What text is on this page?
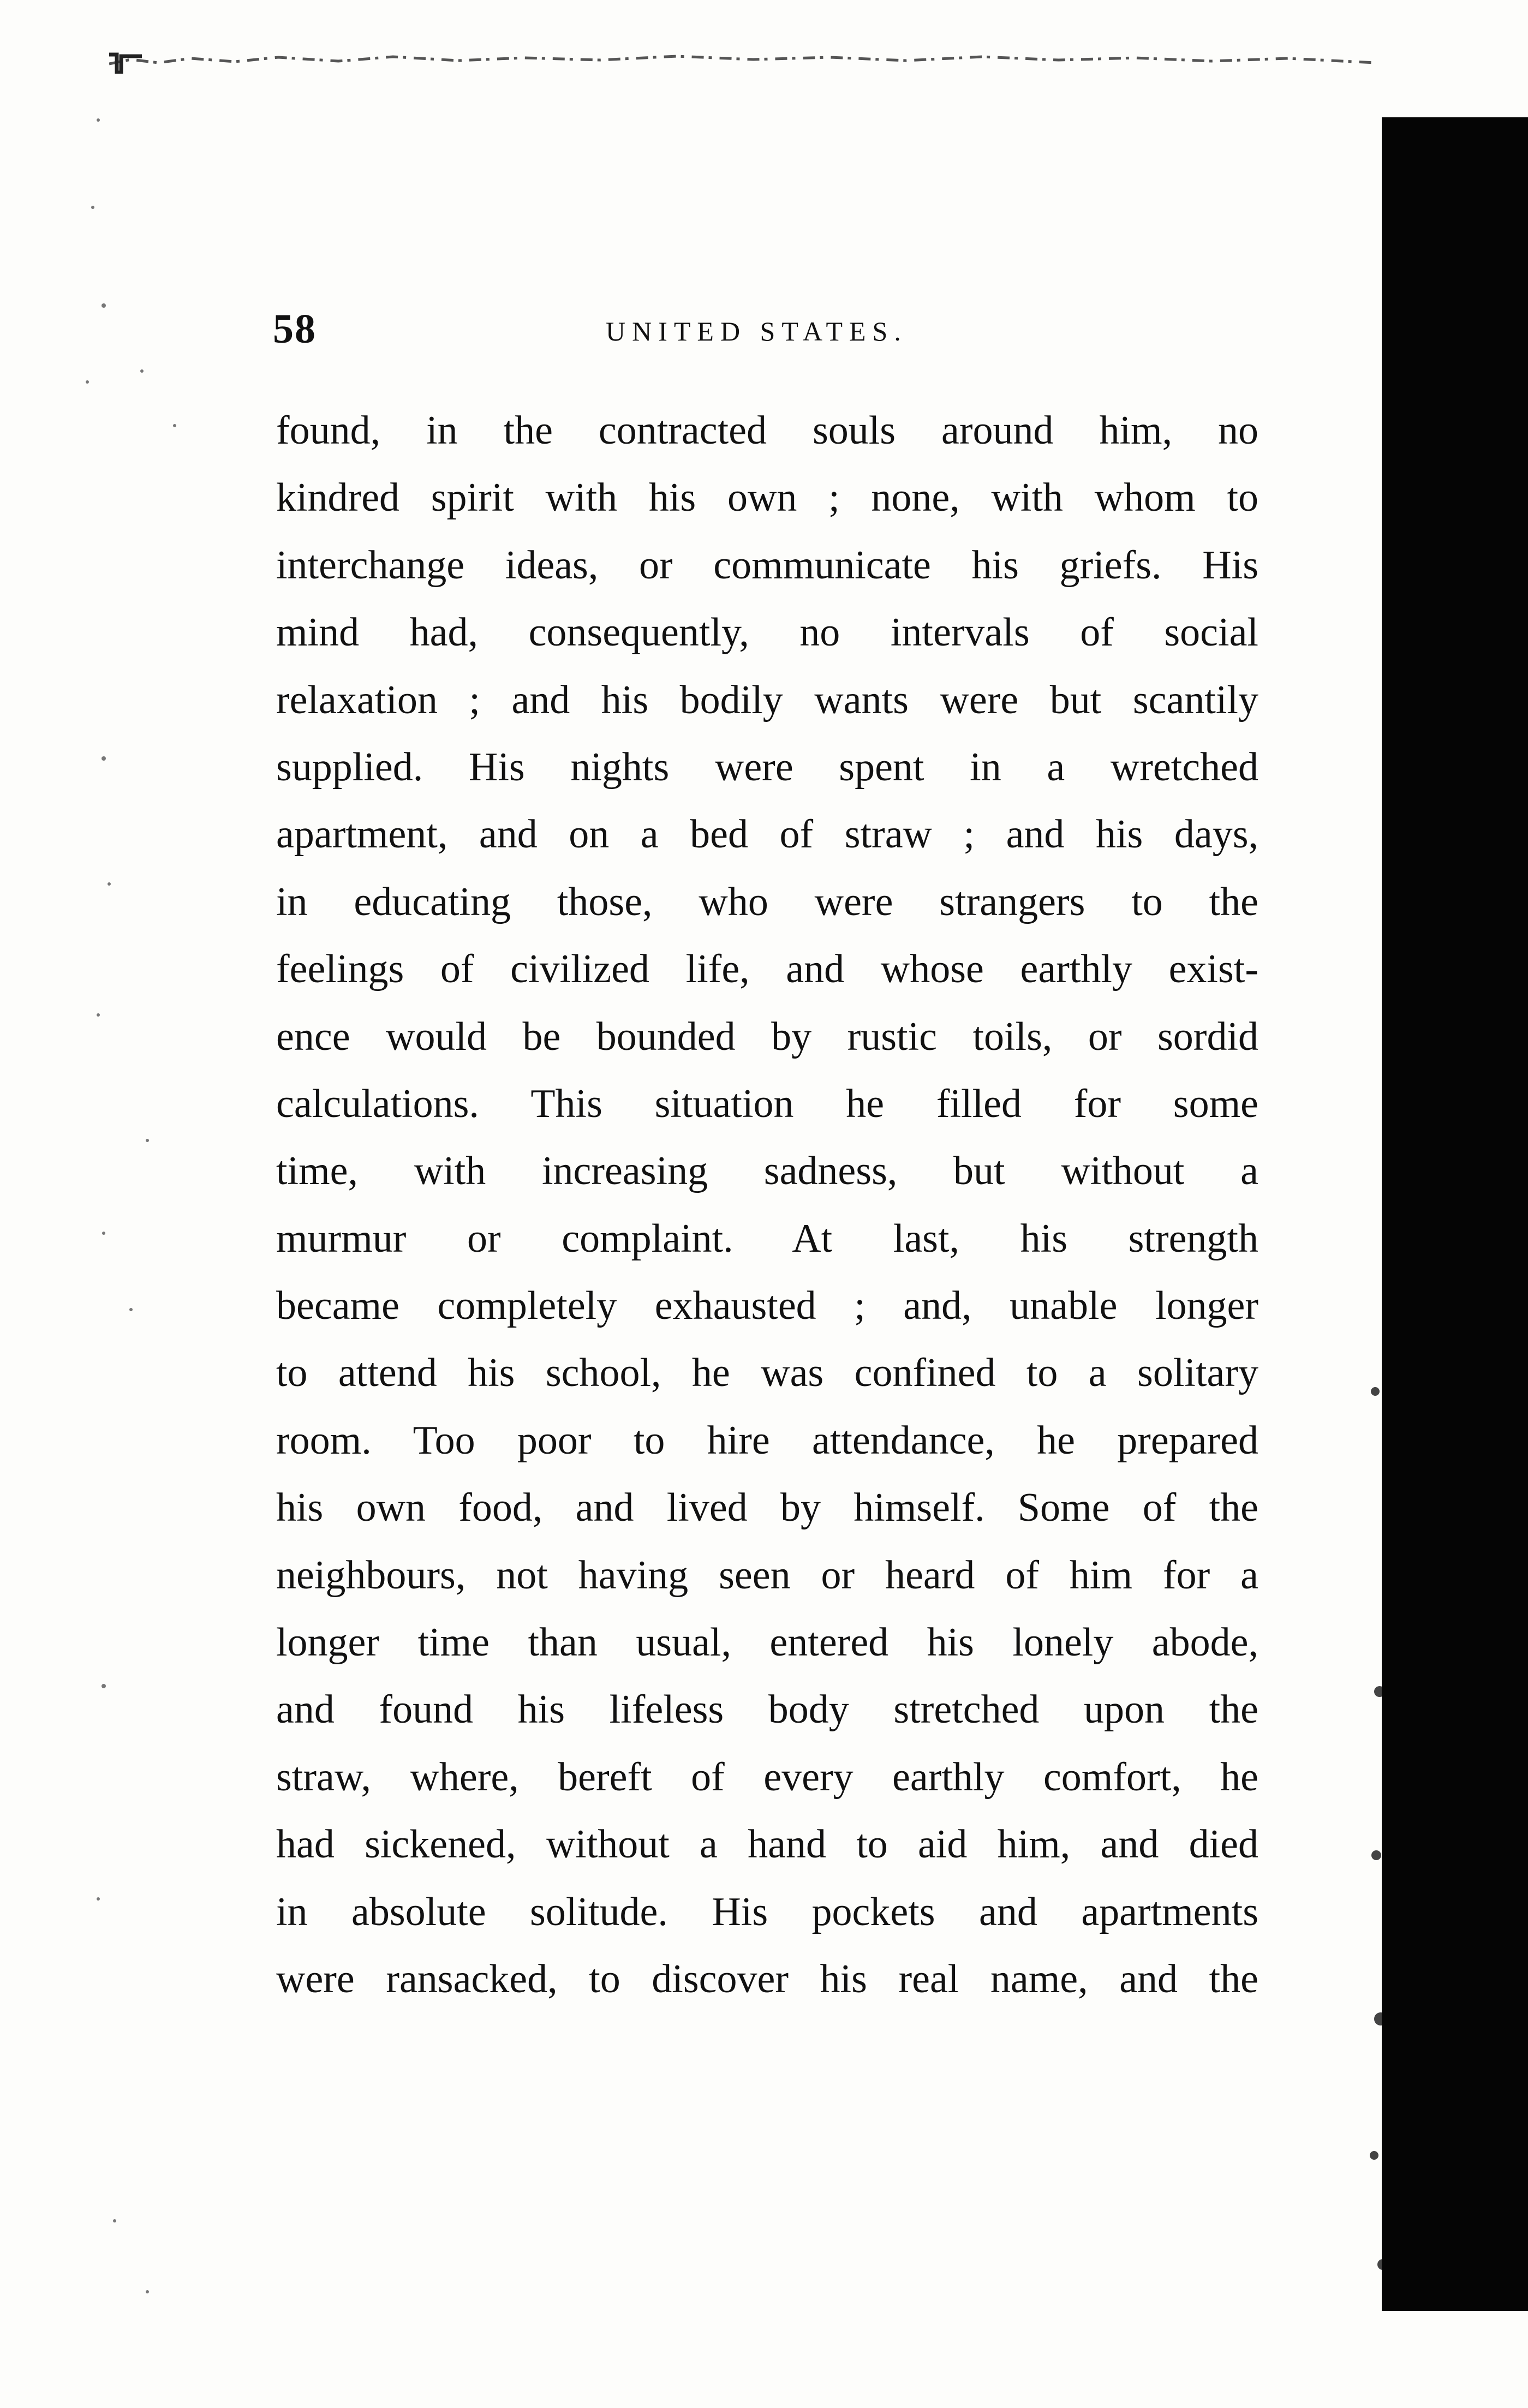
58	UNITED STATES.
found, in the contracted souls around him, no
kindred spirit with his own ; none, with whom to
interchange ideas, or communicate his griefs. His
mind had, consequently, no intervals of social
relaxation ; and his bodily wants were but scantily
supplied. His nights were spent in a wretched
apartment, and on a bed of straw ; and his days,
in educating those, who were strangers to the
feelings of civilized life, and whose earthly exist-
ence would be bounded by rustic toils, or sordid
calculations. This situation he filled for some
time, with increasing sadness, but without a
murmur or complaint. At last, his strength
became completely exhausted ; and, unable longer
to attend his school, he was confined to a solitary
room. Too poor to hire attendance, he prepared
his own food, and lived by himself. Some of the
neighbours, not having seen or heard of him for a
longer time than usual, entered his lonely abode,
and found his lifeless body stretched upon the
straw, where, bereft of every earthly comfort, he
had sickened, without a hand to aid him, and died
in absolute solitude. His pockets and apartments
were ransacked, to discover his real name, and the
